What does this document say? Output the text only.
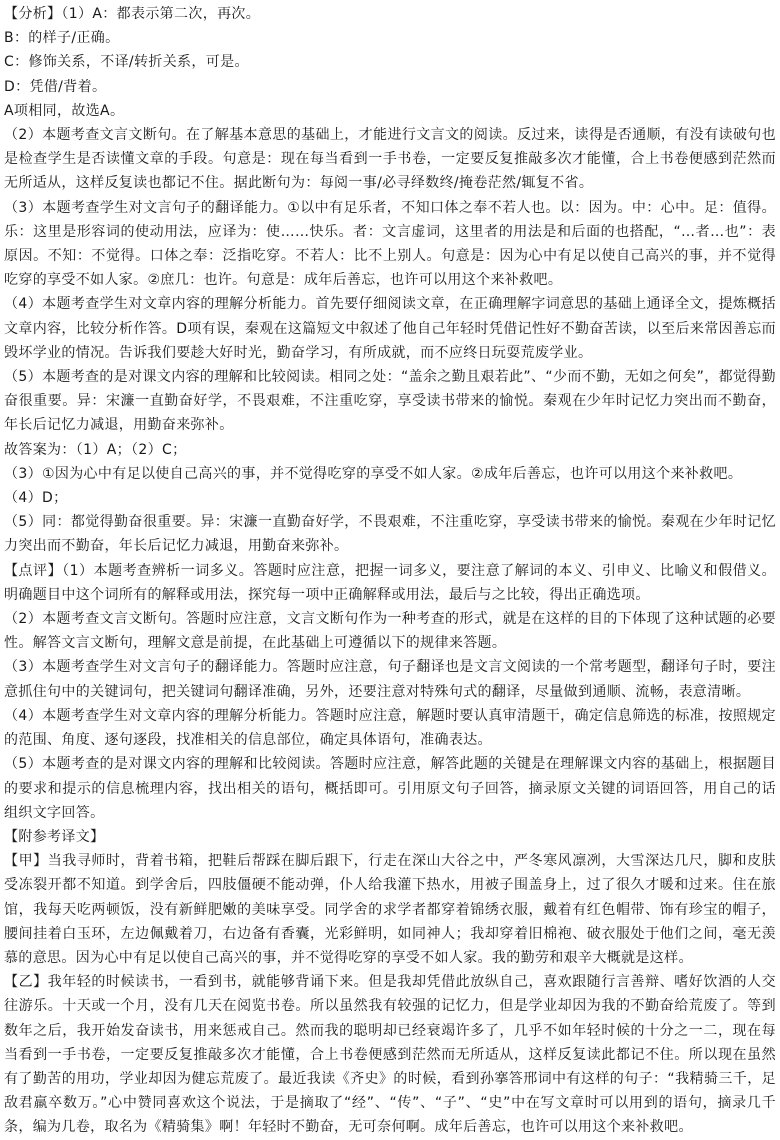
【分析】（1）A：都表示第二次，再次。

B：的样子/正确。

C：修饰关系，不译/转折关系，可是。

D：凭借/背着。

A项相同，故选A。

（2）本题考查文言文断句。在了解基本意思的基础上，才能进行文言文的阅读。反过来，读得是否通顺，有没有读破句也是检查学生是否读懂文章的手段。句意是：现在每当看到一手书卷，一定要反复推敲多次才能懂，合上书卷便感到茫然而无所适从，这样反复读也都记不住。据此断句为：每阅一事/必寻绎数终/掩卷茫然/辄复不省。

（3）本题考查学生对文言句子的翻译能力。①以中有足乐者，不知口体之奉不若人也。以：因为。中：心中。足：值得。乐：这里是形容词的使动用法，应译为：使……快乐。者：文言虚词，这里者的用法是和后面的也搭配，“…者…也”：表原因。不知：不觉得。口体之奉：泛指吃穿。不若人：比不上别人。句意是：因为心中有足以使自己高兴的事，并不觉得吃穿的享受不如人家。②庶几：也许。句意是：成年后善忘，也许可以用这个来补救吧。

（4）本题考查学生对文章内容的理解分析能力。首先要仔细阅读文章，在正确理解字词意思的基础上通译全文，提炼概括文章内容，比较分析作答。D项有误，秦观在这篇短文中叙述了他自己年轻时凭借记性好不勤奋苦读，以至后来常因善忘而毁坏学业的情况。告诉我们要趁大好时光，勤奋学习，有所成就，而不应终日玩耍荒废学业。

（5）本题考查的是对课文内容的理解和比较阅读。相同之处：“盖余之勤且艰若此”、“少而不勤，无如之何矣”，都觉得勤奋很重要。异：宋濂一直勤奋好学，不畏艰难，不注重吃穿，享受读书带来的愉悦。秦观在少年时记忆力突出而不勤奋，年长后记忆力减退，用勤奋来弥补。

故答案为：（1）A；（2）C；

（3）①因为心中有足以使自己高兴的事，并不觉得吃穿的享受不如人家。②成年后善忘，也许可以用这个来补救吧。

（4）D；

（5）同：都觉得勤奋很重要。异：宋濂一直勤奋好学，不畏艰难，不注重吃穿，享受读书带来的愉悦。秦观在少年时记忆力突出而不勤奋，年长后记忆力减退，用勤奋来弥补。

【点评】（1）本题考查辨析一词多义。答题时应注意，把握一词多义，要注意了解词的本义、引申义、比喻义和假借义。明确题目中这个词所有的解释或用法，探究每一项中正确解释或用法，最后与之比较，得出正确选项。

（2）本题考查文言文断句。答题时应注意，文言文断句作为一种考查的形式，就是在这样的目的下体现了这种试题的必要性。解答文言文断句，理解文意是前提，在此基础上可遵循以下的规律来答题。

（3）本题考查学生对文言句子的翻译能力。答题时应注意，句子翻译也是文言文阅读的一个常考题型，翻译句子时，要注意抓住句中的关键词句，把关键词句翻译准确，另外，还要注意对特殊句式的翻译，尽量做到通顺、流畅，表意清晰。

（4）本题考查学生对文章内容的理解分析能力。答题时应注意，解题时要认真审清题干，确定信息筛选的标准，按照规定的范围、角度、逐句逐段，找准相关的信息部位，确定具体语句，准确表达。

（5）本题考查的是对课文内容的理解和比较阅读。答题时应注意，解答此题的关键是在理解课文内容的基础上，根据题目的要求和提示的信息梳理内容，找出相关的语句，概括即可。引用原文句子回答，摘录原文关键的词语回答，用自己的话组织文字回答。

【附参考译文】

【甲】当我寻师时，背着书箱，把鞋后帮踩在脚后跟下，行走在深山大谷之中，严冬寒风凛冽，大雪深达几尺，脚和皮肤受冻裂开都不知道。到学舍后，四肢僵硬不能动弹，仆人给我灌下热水，用被子围盖身上，过了很久才暖和过来。住在旅馆，我每天吃两顿饭，没有新鲜肥嫩的美味享受。同学舍的求学者都穿着锦绣衣服，戴着有红色帽带、饰有珍宝的帽子，腰间挂着白玉环，左边佩戴着刀，右边备有香囊，光彩鲜明，如同神人；我却穿着旧棉袍、破衣服处于他们之间，毫无羡慕的意思。因为心中有足以使自己高兴的事，并不觉得吃穿的享受不如人家。我的勤劳和艰辛大概就是这样。

【乙】我年轻的时候读书，一看到书，就能够背诵下来。但是我却凭借此放纵自己，喜欢跟随行言善辩、嗜好饮酒的人交往游乐。十天或一个月，没有几天在阅览书卷。所以虽然我有较强的记忆力，但是学业却因为我的不勤奋给荒废了。等到数年之后，我开始发奋读书，用来惩戒自己。然而我的聪明却已经衰竭许多了，几乎不如年轻时候的十分之一二，现在每当看到一手书卷，一定要反复推敲多次才能懂，合上书卷便感到茫然而无所适从，这样反复读此都记不住。所以现在虽然有了勤苦的用功，学业却因为健忘荒废了。最近我读《齐史》的时候，看到孙搴答邢词中有这样的句子：“我精骑三千，足敌君羸卒数万。”心中赞同喜欢这个说法，于是摘取了“经”、“传”、“子”、“史”中在写文章时可以用到的语句，摘录几千条，编为几卷，取名为《精骑集》啊！年轻时不勤奋，无可奈何啊。成年后善忘，也许可以用这个来补救吧。
